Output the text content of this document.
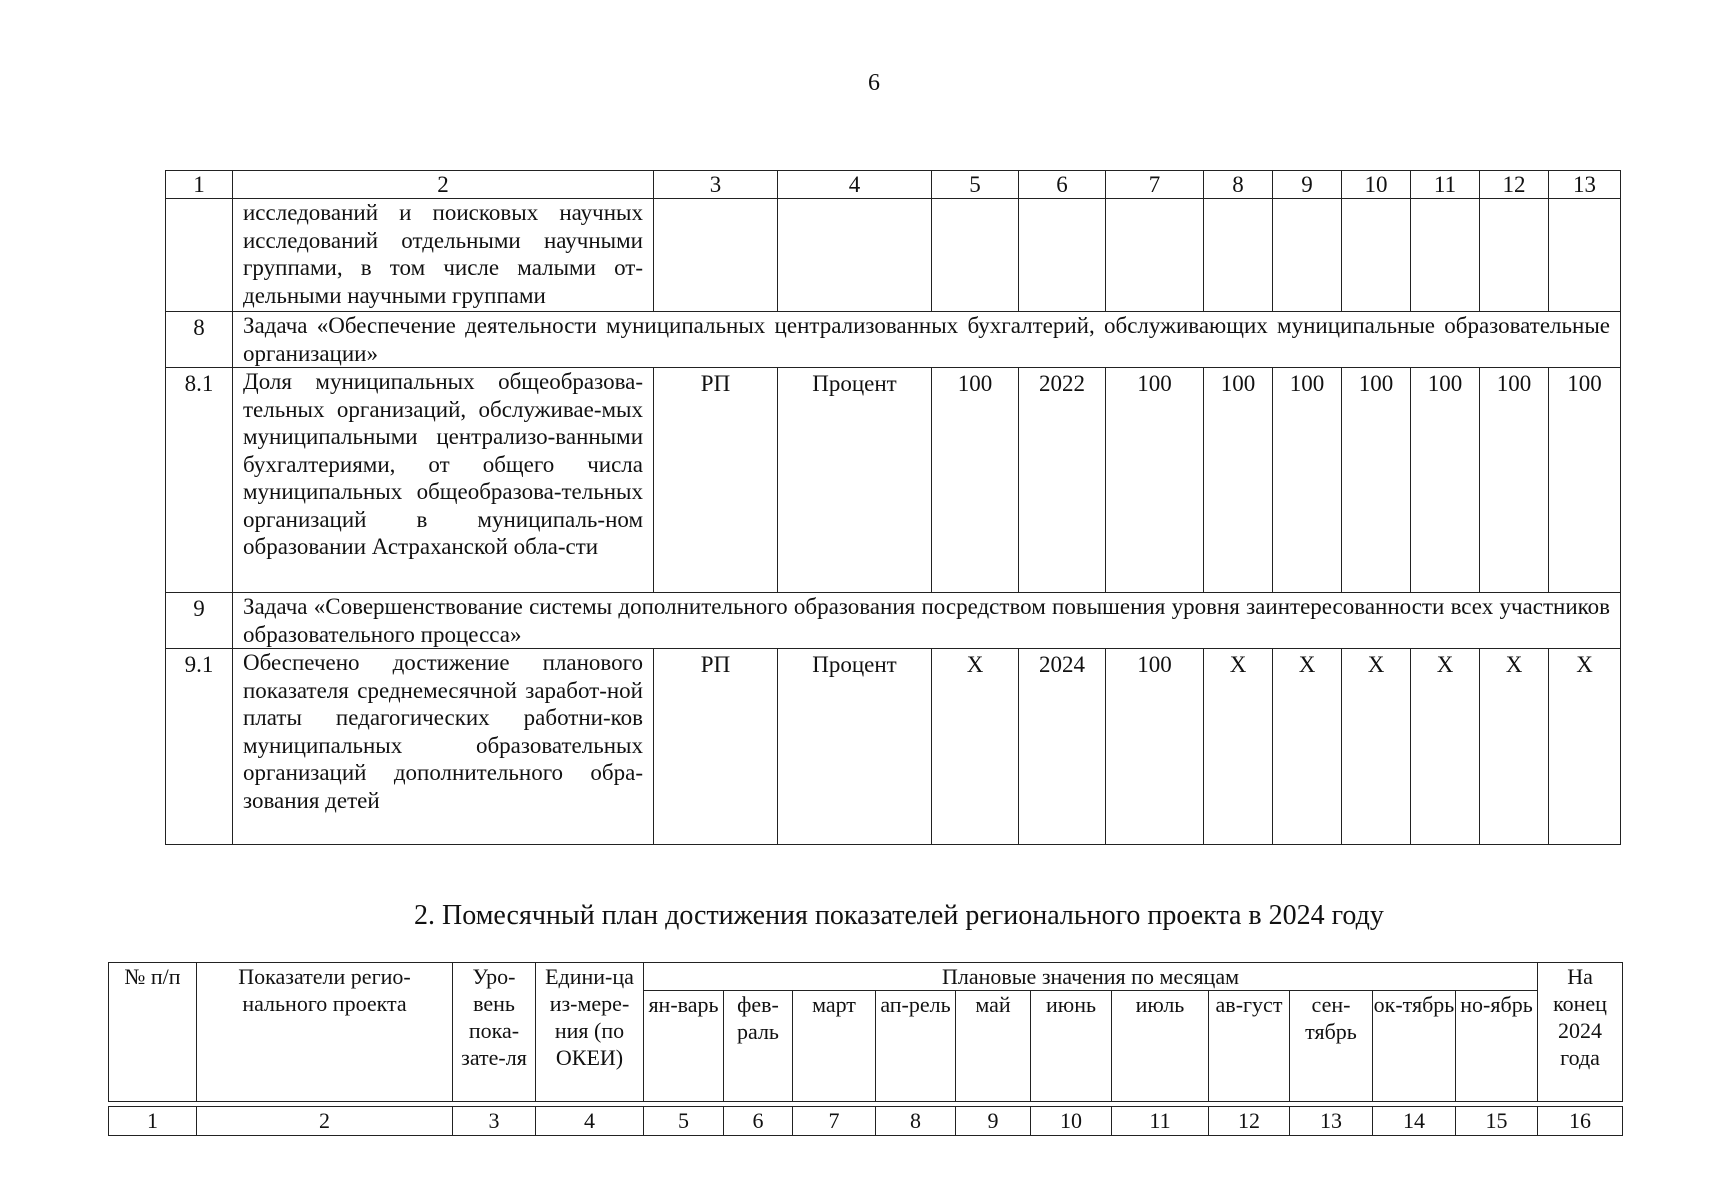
6
1	2	3	4	5	6	7	8	9	10	11	12	13
	исследований и поисковых научных исследований отдельными научными группами, в том числе малыми от-дельными научными группами											
8	Задача «Обеспечение деятельности муниципальных централизованных бухгалтерий, обслуживающих муниципальные образовательные организации»											
8.1	Доля муниципальных общеобразова-тельных организаций, обслуживае-мых муниципальными централизо-ванными бухгалтериями, от общего числа муниципальных общеобразова-тельных организаций в муниципаль-ном образовании Астраханской обла-сти	РП	Процент	100	2022	100	100	100	100	100	100	100
9	Задача «Совершенствование системы дополнительного образования посредством повышения уровня заинтересованности всех участников образовательного процесса»											
9.1	Обеспечено достижение планового показателя среднемесячной заработ-ной платы педагогических работни-ков муниципальных образовательных организаций дополнительного обра-зования детей	РП	Процент	Х	2024	100	Х	Х	Х	Х	Х	Х
2. Помесячный план достижения показателей регионального проекта в 2024 году
№ п/п	Показатели регио-нального проекта	Уро-вень пока-зате-ля	Едини-ца из-мере-ния (по ОКЕИ)	Плановые значения по месяцам											На конец 2024 года
				ян-варь	фев-раль	март	ап-рель	май	июнь	июль	ав-густ	сен-тябрь	ок-тябрь	но-ябрь	

1	2	3	4	5	6	7	8	9	10	11	12	13	14	15	16
